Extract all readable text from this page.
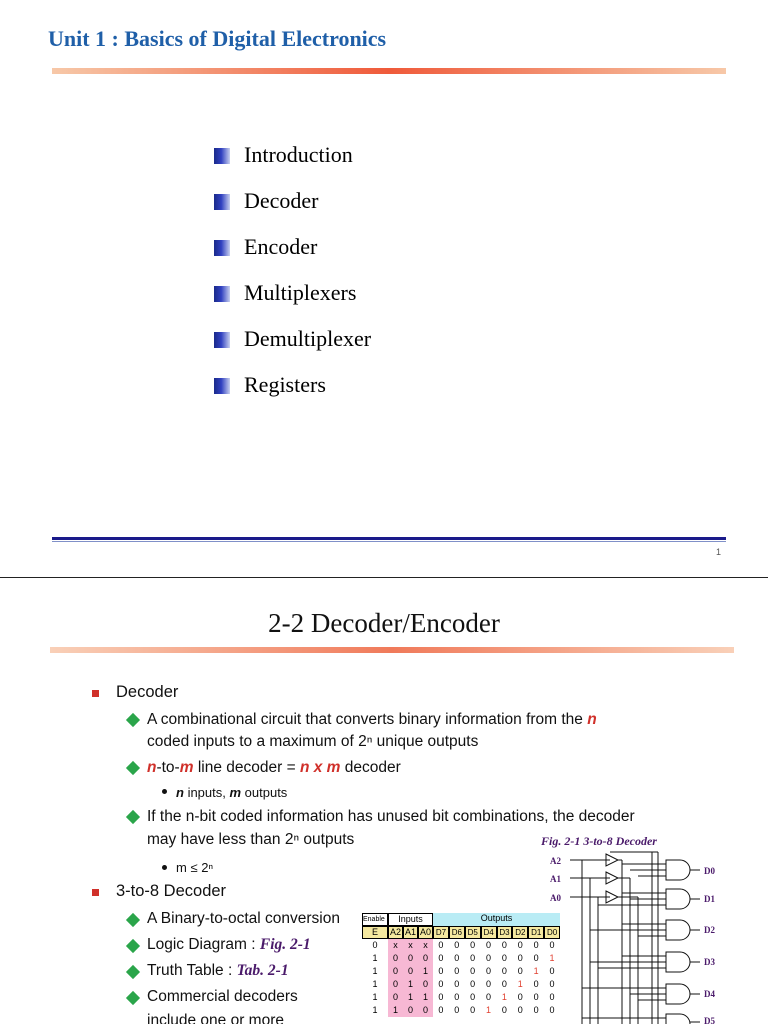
Unit 1 : Basics of Digital Electronics
Introduction
Decoder
Encoder
Multiplexers
Demultiplexer
Registers
1
2-2 Decoder/Encoder
Decoder
A combinational circuit that converts binary information from the n
coded inputs to a maximum of 2ⁿ unique outputs
n-to-m line decoder = n x m decoder
n inputs, m outputs
If the n-bit coded information has unused bit combinations, the decoder
may have less than 2ⁿ outputs
m ≤ 2ⁿ
3-to-8 Decoder
A Binary-to-octal conversion
Logic Diagram : Fig. 2-1
Truth Table : Tab. 2-1
Commercial decoders
include one or more
Fig. 2-1 3-to-8 Decoder
Enable	Inputs	Outputs
E	A2 A1 A0 D7 D6 D5 D4 D3 D2 D1 D0
0	x	x	x	0	0	0	0	0	0	0	0
1	0	0	0	0	0	0	0	0	0	0	1
1	0	0	1	0	0	0	0	0	0	1	0
1	0	1	0	0	0	0	0	0	1	0	0
1	0	1	1	0	0	0	0	1	0	0	0
1	1	0	0	0	0	0	1	0	0	0	0
A2
A1
A0
D0
D1
D2
D3
D4
D5
